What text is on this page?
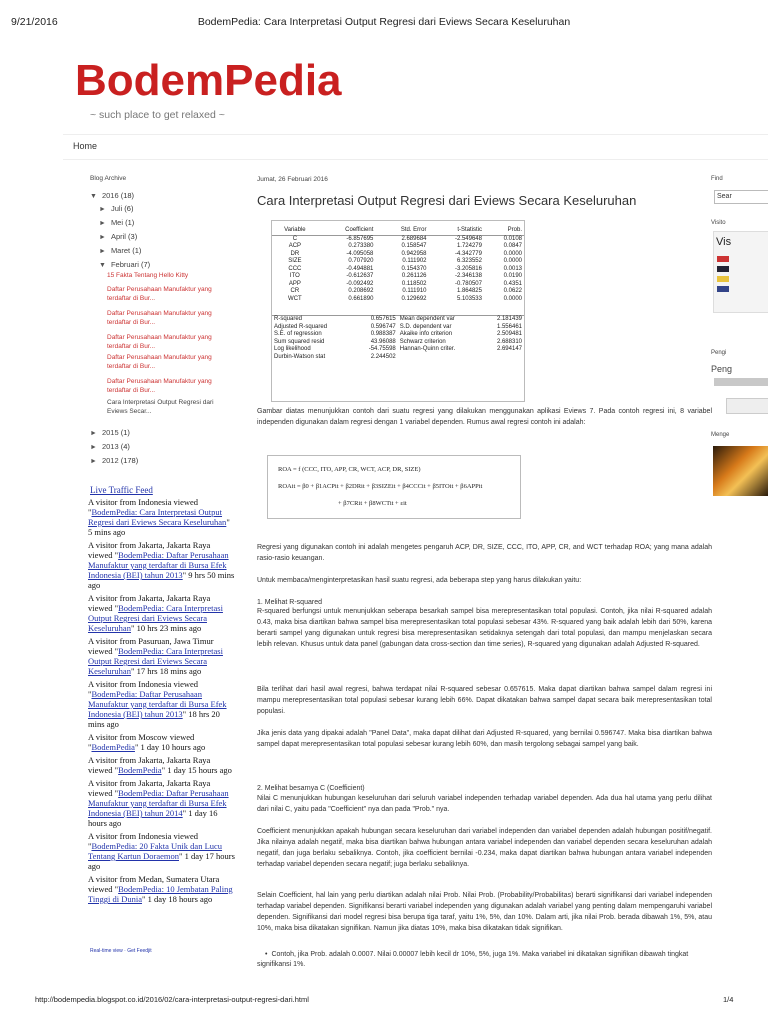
9/21/2016	BodemPedia: Cara Interpretasi Output Regresi dari Eviews Secara Keseluruhan
BodemPedia
~ such place to get relaxed ~
Home
Blog Archive
▼ 2016 (18)
► Juli (6)
► Mei (1)
► April (3)
► Maret (1)
▼ Februari (7)
15 Fakta Tentang Hello Kitty
Daftar Perusahaan Manufaktur yang terdaftar di Bur...
Daftar Perusahaan Manufaktur yang terdaftar di Bur...
Daftar Perusahaan Manufaktur yang terdaftar di Bur...
Daftar Perusahaan Manufaktur yang terdaftar di Bur...
Daftar Perusahaan Manufaktur yang terdaftar di Bur...
Cara Interpretasi Output Regresi dari Eviews Secar...
► 2015 (1)
► 2013 (4)
► 2012 (178)
Live Traffic Feed
A visitor from Indonesia viewed "BodemPedia: Cara Interpretasi Output Regresi dari Eviews Secara Keseluruhan" 5 mins ago
A visitor from Jakarta, Jakarta Raya viewed "BodemPedia: Daftar Perusahaan Manufaktur yang terdaftar di Bursa Efek Indonesia (BEI) tahun 2013" 9 hrs 50 mins ago
A visitor from Jakarta, Jakarta Raya viewed "BodemPedia: Cara Interpretasi Output Regresi dari Eviews Secara Keseluruhan" 10 hrs 23 mins ago
A visitor from Pasuruan, Jawa Timur viewed "BodemPedia: Cara Interpretasi Output Regresi dari Eviews Secara Keseluruhan" 17 hrs 18 mins ago
A visitor from Indonesia viewed "BodemPedia: Daftar Perusahaan Manufaktur yang terdaftar di Bursa Efek Indonesia (BEI) tahun 2013" 18 hrs 20 mins ago
A visitor from Moscow viewed "BodemPedia" 1 day 10 hours ago
A visitor from Jakarta, Jakarta Raya viewed "BodemPedia" 1 day 15 hours ago
A visitor from Jakarta, Jakarta Raya viewed "BodemPedia: Daftar Perusahaan Manufaktur yang terdaftar di Bursa Efek Indonesia (BEI) tahun 2014" 1 day 16 hours ago
A visitor from Indonesia viewed "BodemPedia: 20 Fakta Unik dan Lucu Tentang Kartun Doraemon" 1 day 17 hours ago
A visitor from Medan, Sumatera Utara viewed "BodemPedia: 10 Jembatan Paling Tinggi di Dunia" 1 day 18 hours ago
Real-time view · Get Feedjit
Jumat, 26 Februari 2016
Cara Interpretasi Output Regresi dari Eviews Secara Keseluruhan
Variable	Coefficient	Std. Error	t-Statistic	Prob.
C	-6.857695	2.689684	-2.549648	0.0108
ACP	0.273380	0.158547	1.724279	0.0847
DR	-4.095058	0.942958	-4.342779	0.0000
SIZE	0.707920	0.111902	6.323552	0.0000
CCC	-0.494881	0.154370	-3.205816	0.0013
ITO	-0.612637	0.261126	-2.346138	0.0190
APP	-0.092492	0.118502	-0.780507	0.4351
CR	0.208692	0.111910	1.864825	0.0622
WCT	0.661890	0.129692	5.103533	0.0000
R-squared	0.657615	Mean dependent var	2.181439
Adjusted R-squared	0.596747	S.D. dependent var	1.556461
S.E. of regression	0.988387	Akaike info criterion	2.509481
Sum squared resid	43.96088	Schwarz criterion	2.688310
Log likelihood	-54.75598	Hannan-Quinn criter.	2.694147
Durbin-Watson stat	2.244502		
Gambar diatas menunjukkan contoh dari suatu regresi yang dilakukan menggunakan aplikasi Eviews 7. Pada contoh regresi ini, 8 variabel independen digunakan dalam regresi dengan 1 variabel dependen. Rumus awal regresi contoh ini adalah:
ROA = f (CCC, ITO, APP, CR, WCT, ACP, DR, SIZE)
ROAit = β0 + β1ACPit + β2DRit + β3SIZEit + β4CCCit + β5ITOit + β6APPit
+ β7CRit + β8WCTit + εit
Regresi yang digunakan contoh ini adalah mengetes pengaruh ACP, DR, SIZE, CCC, ITO, APP, CR, and WCT terhadap ROA; yang mana adalah rasio-rasio keuangan.
Untuk membaca/menginterpretasikan hasil suatu regresi, ada beberapa step yang harus dilakukan yaitu:
1. Melihat R-squared
R-squared berfungsi untuk menunjukkan seberapa besarkah sampel bisa merepresentasikan total populasi. Contoh, jika nilai R-squared adalah 0.43, maka bisa diartikan bahwa sampel bisa merepresentasikan total populasi sebesar 43%. R-squared yang baik adalah lebih dari 50%, karena berarti sampel yang digunakan untuk regresi bisa merepresentasikan setidaknya setengah dari total populasi, dan mampu menjelaskan secara lebih relevan. Khusus untuk data panel (gabungan data cross-section dan time series), R-squared yang digunakan adalah Adjusted R-squared.
Bila terlihat dari hasil awal regresi, bahwa terdapat nilai R-squared sebesar 0.657615. Maka dapat diartikan bahwa sampel dalam regresi ini mampu merepresentasikan total populasi sebesar kurang lebih 66%. Dapat dikatakan bahwa sampel dapat secara baik merepresentasikan total populasi.
Jika jenis data yang dipakai adalah "Panel Data", maka dapat dilihat dari Adjusted R-squared, yang bernilai 0.596747. Maka bisa diartikan bahwa sampel dapat merepresentasikan total populasi sebesar kurang lebih 60%, dan masih tergolong sebagai sampel yang baik.
2. Melihat besarnya C (Coefficient)
Nilai C menunjukkan hubungan keseluruhan dari seluruh variabel independen terhadap variabel dependen. Ada dua hal utama yang perlu dilihat dari nilai C, yaitu pada "Coefficient" nya dan pada "Prob." nya.
Coefficient menunjukkan apakah hubungan secara keseluruhan dari variabel independen dan variabel dependen adalah hubungan positif/negatif. Jika nilainya adalah negatif, maka bisa diartikan bahwa hubungan antara variabel independen dan variabel dependen secara keseluruhan adalah negatif, dan juga berlaku sebaliknya. Contoh, jika coefficient bernilai -0.234, maka dapat diartikan bahwa hubungan antara variabel independen terhadap variabel dependen secara negatif; juga berlaku sebaliknya.
Selain Coefficient, hal lain yang perlu diartikan adalah nilai Prob. Nilai Prob. (Probability/Probabilitas) berarti signifikansi dari variabel independen terhadap variabel dependen. Signifikansi berarti variabel independen yang digunakan adalah variabel yang penting dalam mempengaruhi variabel dependen. Signifikansi dari model regresi bisa berupa tiga taraf, yaitu 1%, 5%, dan 10%. Dalam arti, jika nilai Prob. berada dibawah 1%, 5%, atau 10%, maka bisa dikatakan signifikan. Namun jika diatas 10%, maka bisa dikatakan tidak signifikan.
• Contoh, jika Prob. adalah 0.0007. Nilai 0.00007 lebih kecil dr 10%, 5%, juga 1%. Maka variabel ini dikatakan signifikan dibawah tingkat signifikansi 1%.
Find
Sear
Visito
Vis
Pengi
Peng
Menge
http://bodempedia.blogspot.co.id/2016/02/cara-interpretasi-output-regresi-dari.html	1/4
